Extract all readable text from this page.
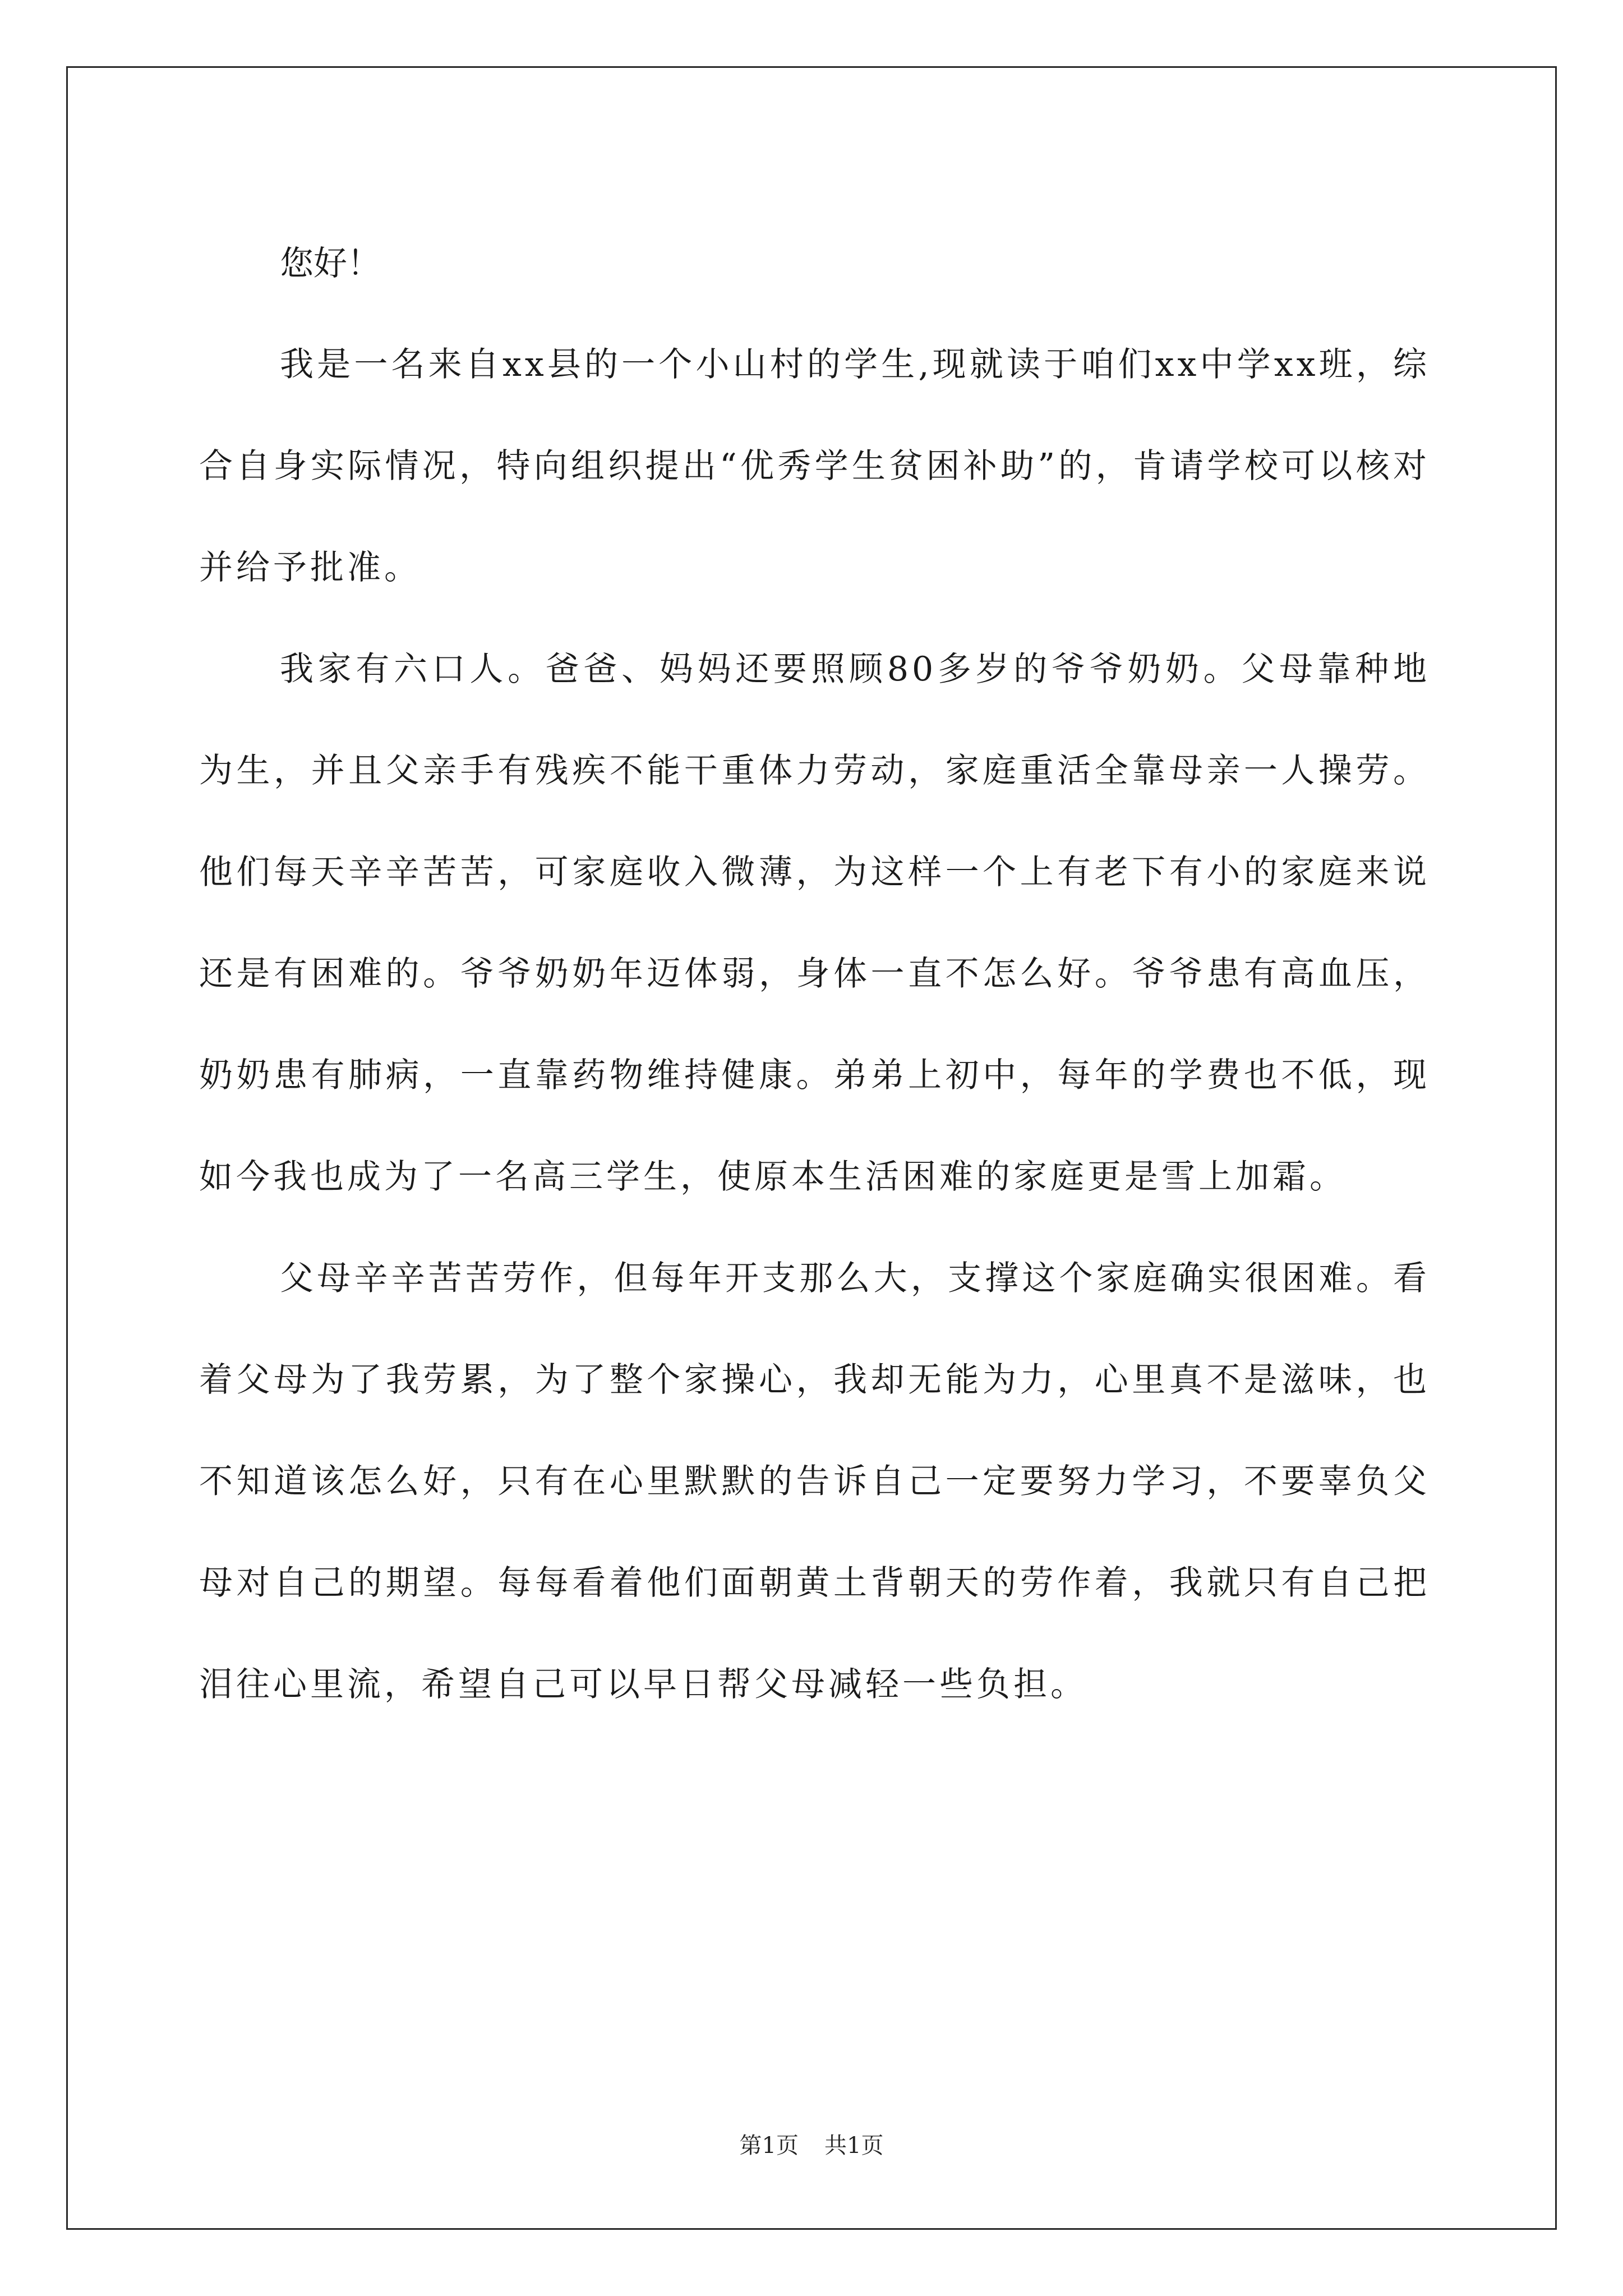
您好！

我是一名来自xx县的一个小山村的学生,现就读于咱们xx中学xx班，综合自身实际情况，特向组织提出“优秀学生贫困补助”的，肯请学校可以核对并给予批准。

我家有六口人。爸爸、妈妈还要照顾80多岁的爷爷奶奶。父母靠种地为生，并且父亲手有残疾不能干重体力劳动，家庭重活全靠母亲一人操劳。他们每天辛辛苦苦，可家庭收入微薄，为这样一个上有老下有小的家庭来说还是有困难的。爷爷奶奶年迈体弱，身体一直不怎么好。爷爷患有高血压，奶奶患有肺病，一直靠药物维持健康。弟弟上初中，每年的学费也不低，现如今我也成为了一名高三学生，使原本生活困难的家庭更是雪上加霜。

父母辛辛苦苦劳作，但每年开支那么大，支撑这个家庭确实很困难。看着父母为了我劳累，为了整个家操心，我却无能为力，心里真不是滋味，也不知道该怎么好，只有在心里默默的告诉自己一定要努力学习，不要辜负父母对自己的期望。每每看着他们面朝黄土背朝天的劳作着，我就只有自己把泪往心里流，希望自己可以早日帮父母减轻一些负担。

第1页 共1页
